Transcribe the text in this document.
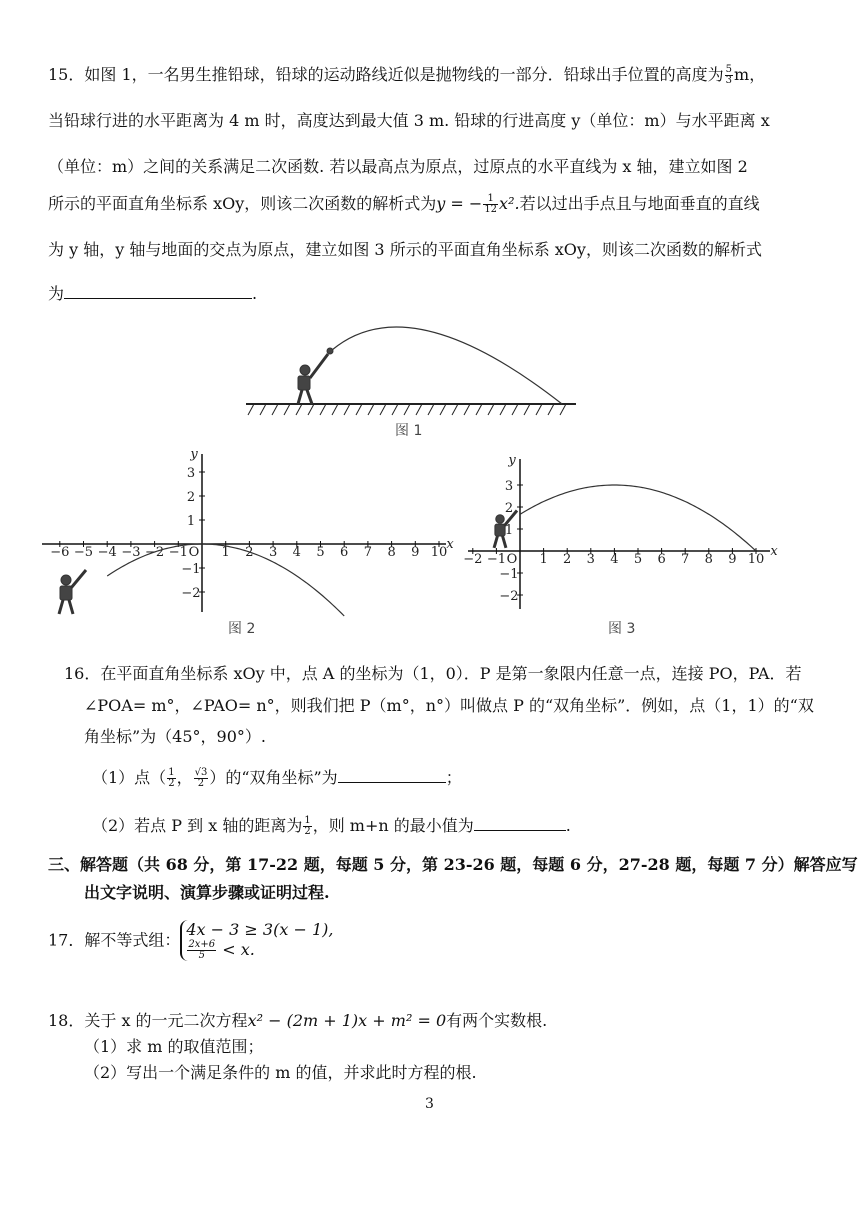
15．如图 1，一名男生推铅球，铅球的运动路线近似是抛物线的一部分．铅球出手位置的高度为 $\frac{5}{3}$ m，
当铅球行进的水平距离为 4 m 时，高度达到最大值 3 m. 铅球的行进高度 y（单位：m）与水平距离 x
（单位：m）之间的关系满足二次函数. 若以最高点为原点，过原点的水平直线为 x 轴，建立如图 2
所示的平面直角坐标系 xOy，则该二次函数的解析式为y = − $\frac{1}{12} x^2$.若以过出手点且与地面垂直的直线
为 y 轴，y 轴与地面的交点为原点，建立如图 3 所示的平面直角坐标系 xOy，则该二次函数的解析式
为	.
图 1
x
y
−6 −5 −4 −3 −2 −1 O 1 2 3 4 5 6 7 8 9 10
3
2
1
−1
−2
图 2
x
y
−2 −1 O 1 2 3 4 5 6 7 8 9 10
3
2
1
−1
−2
图 3
16．在平面直角坐标系 xOy 中，点 A 的坐标为（1，0）．P 是第一象限内任意一点，连接 PO，PA．若
∠POA= m°，∠PAO= n°，则我们把 P（m°，n°）叫做点 P 的“双角坐标”．例如，点（1，1）的“双
角坐标”为（45°，90°）.
（1）点（ $\frac{1}{2}$ ， $\frac{√3}{2}$ ）的“双角坐标”为	；
（2）若点 P 到 x 轴的距离为 $\frac{1}{2}$ ，则 m+n 的最小值为	.
三、解答题（共 68 分，第 17-22 题，每题 5 分，第 23-26 题，每题 6 分，27-28 题，每题 7 分）解答应写
出文字说明、演算步骤或证明过程.
17．解不等式组：
4x − 3 ≥ 3(x − 1),
$\frac{2x+6}{5} < x$.
18．关于 x 的一元二次方程x² − (2m + 1)x + m² = 0有两个实数根.
（1）求 m 的取值范围；
（2）写出一个满足条件的 m 的值，并求此时方程的根.
3
